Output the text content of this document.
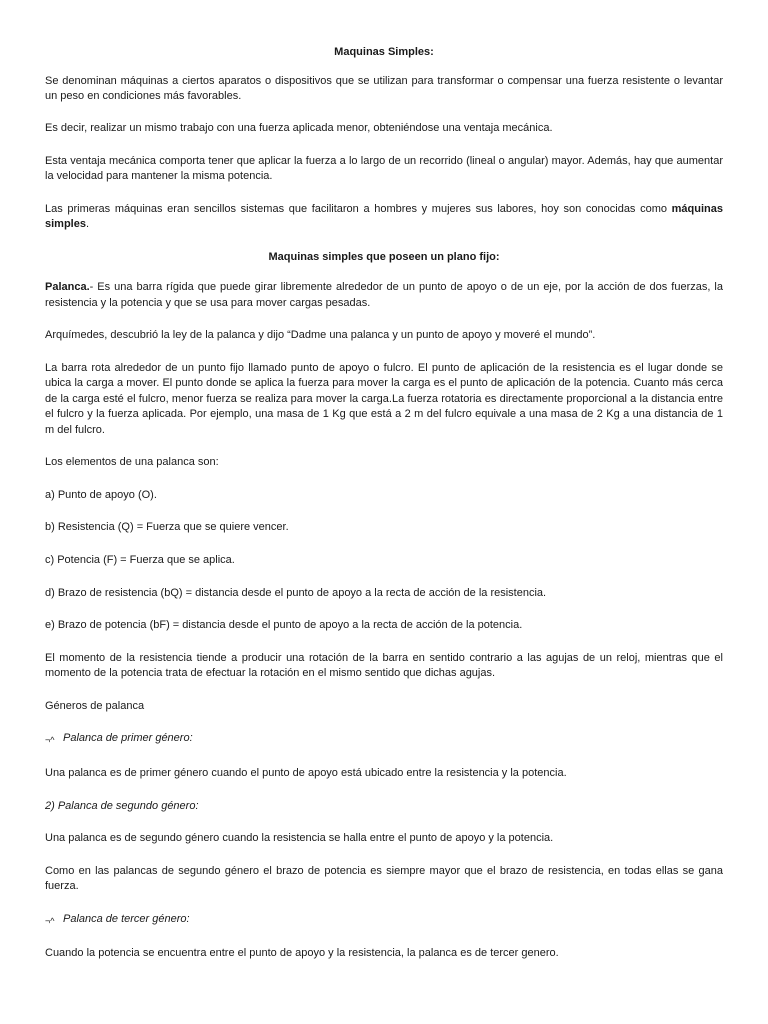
Maquinas Simples:

Se denominan máquinas a ciertos aparatos o dispositivos que se utilizan para transformar o compensar una fuerza resistente o levantar un peso en condiciones más favorables.

Es decir, realizar un mismo trabajo con una fuerza aplicada menor, obteniéndose una ventaja mecánica.

Esta ventaja mecánica comporta tener que aplicar la fuerza a lo largo de un recorrido (lineal o angular) mayor. Además, hay que aumentar la velocidad para mantener la misma potencia.

Las primeras máquinas eran sencillos sistemas que facilitaron a hombres y mujeres sus labores, hoy son conocidas como máquinas simples.

Maquinas simples que poseen un plano fijo:

Palanca.- Es una barra rígida que puede girar libremente alrededor de un punto de apoyo o de un eje, por la acción de dos fuerzas, la resistencia y la potencia y que se usa para mover cargas pesadas.

Arquímedes, descubrió la ley de la palanca y dijo “Dadme una palanca y un punto de apoyo y moveré el mundo”.

La barra rota alrededor de un punto fijo llamado punto de apoyo o fulcro. El punto de aplicación de la resistencia es el lugar donde se ubica la carga a mover. El punto donde se aplica la fuerza para mover la carga es el punto de aplicación de la potencia. Cuanto más cerca de la carga esté el fulcro, menor fuerza se realiza para mover la carga.La fuerza rotatoria es directamente proporcional a la distancia entre el fulcro y la fuerza aplicada. Por ejemplo, una masa de 1 Kg que está a 2 m del fulcro equivale a una masa de 2 Kg a una distancia de 1 m del fulcro.

Los elementos de una palanca son:

a) Punto de apoyo (O).

b) Resistencia (Q) = Fuerza que se quiere vencer.

c) Potencia (F) = Fuerza que se aplica.

d) Brazo de resistencia (bQ) = distancia desde el punto de apoyo a la recta de acción de la resistencia.

e) Brazo de potencia (bF) = distancia desde el punto de apoyo a la recta de acción de la potencia.

El momento de la resistencia tiende a producir una rotación de la barra en sentido contrario a las agujas de un reloj, mientras que el momento de la potencia trata de efectuar la rotación en el mismo sentido que dichas agujas.

Géneros de palanca

¬^ Palanca de primer género:

Una palanca es de primer género cuando el punto de apoyo está ubicado entre la resistencia y la potencia.

2) Palanca de segundo género:

Una palanca es de segundo género cuando la resistencia se halla entre el punto de apoyo y la potencia.

Como en las palancas de segundo género el brazo de potencia es siempre mayor que el brazo de resistencia, en todas ellas se gana fuerza.

¬^ Palanca de tercer género:

Cuando la potencia se encuentra entre el punto de apoyo y la resistencia, la palanca es de tercer genero.
